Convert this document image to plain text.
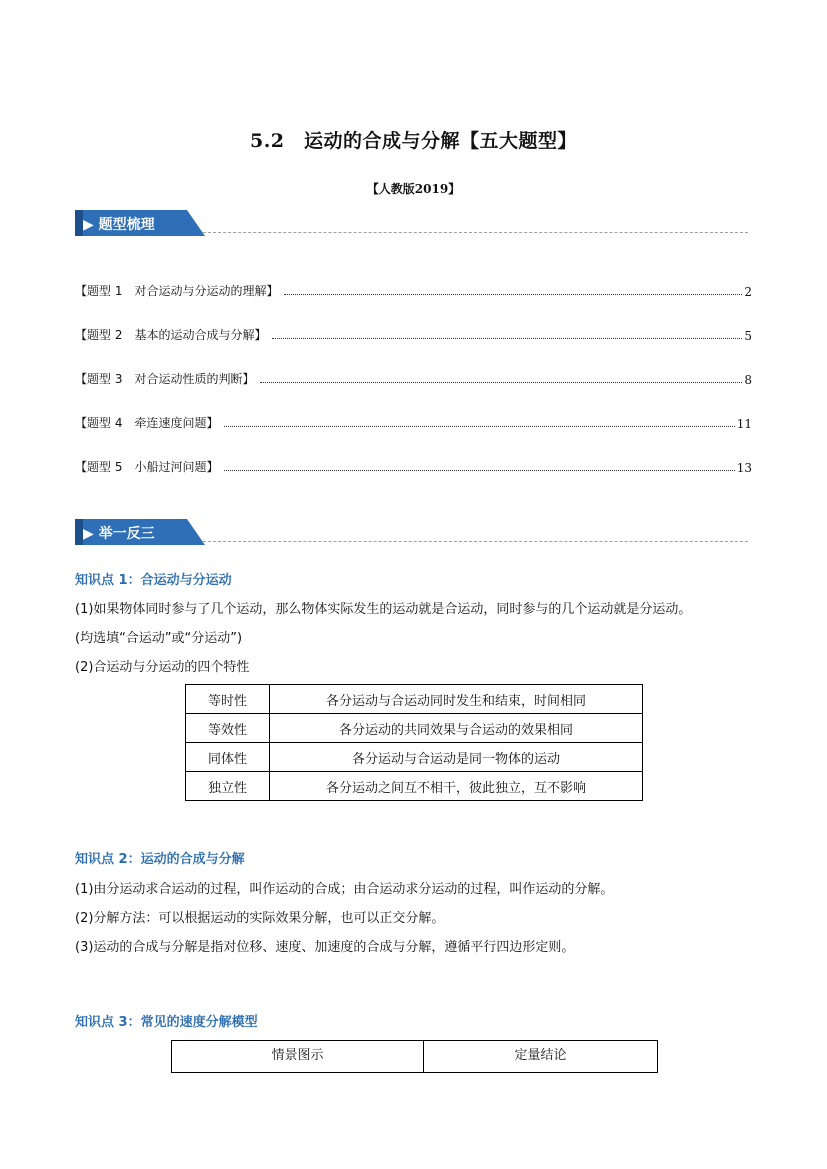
5.2　运动的合成与分解【五大题型】
【人教版2019】
▶ 题型梳理
【题型 1　对合运动与分运动的理解】	2
【题型 2　基本的运动合成与分解】	5
【题型 3　对合运动性质的判断】	8
【题型 4　牵连速度问题】	11
【题型 5　小船过河问题】	13
▶ 举一反三
知识点 1：合运动与分运动
(1)如果物体同时参与了几个运动，那么物体实际发生的运动就是合运动，同时参与的几个运动就是分运动。
(均选填“合运动”或“分运动”)
(2)合运动与分运动的四个特性
等时性	各分运动与合运动同时发生和结束，时间相同
等效性	各分运动的共同效果与合运动的效果相同
同体性	各分运动与合运动是同一物体的运动
独立性	各分运动之间互不相干，彼此独立，互不影响
知识点 2：运动的合成与分解
(1)由分运动求合运动的过程，叫作运动的合成；由合运动求分运动的过程，叫作运动的分解。
(2)分解方法：可以根据运动的实际效果分解，也可以正交分解。
(3)运动的合成与分解是指对位移、速度、加速度的合成与分解，遵循平行四边形定则。
知识点 3：常见的速度分解模型
情景图示	定量结论
